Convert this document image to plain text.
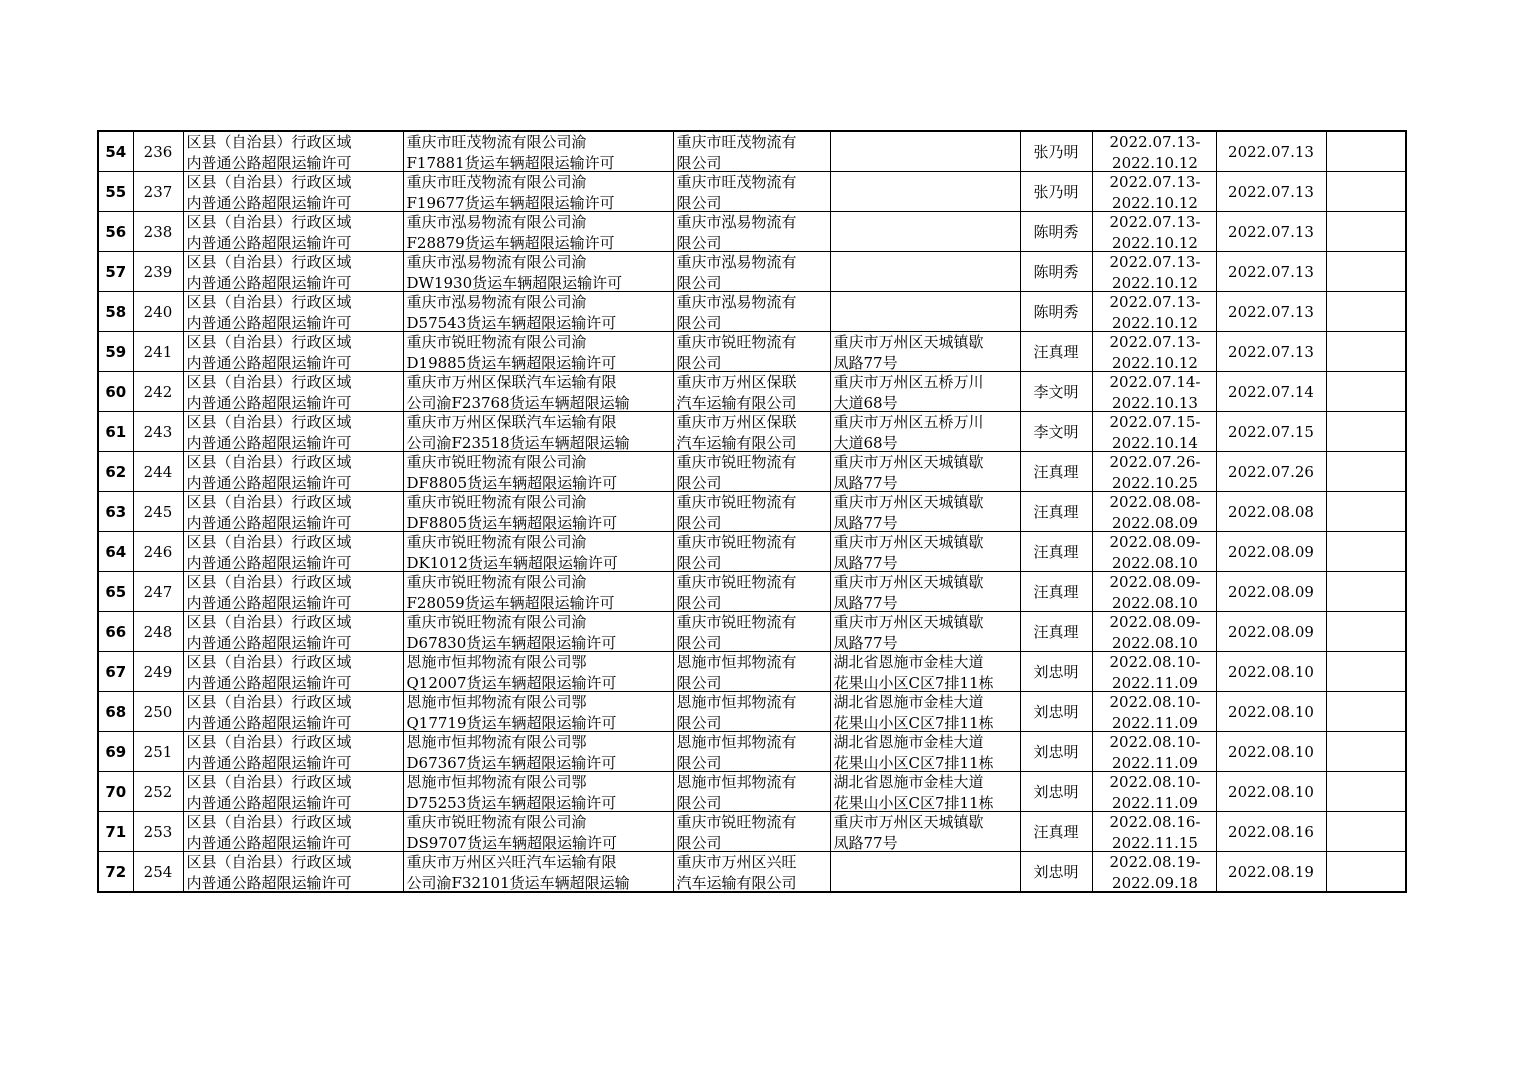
54	236	区县（自治县）行政区域
内普通公路超限运输许可	重庆市旺茂物流有限公司渝
F17881货运车辆超限运输许可	重庆市旺茂物流有
限公司		张乃明	2022.07.13-
2022.10.12	2022.07.13	
55	237	区县（自治县）行政区域
内普通公路超限运输许可	重庆市旺茂物流有限公司渝
F19677货运车辆超限运输许可	重庆市旺茂物流有
限公司		张乃明	2022.07.13-
2022.10.12	2022.07.13	
56	238	区县（自治县）行政区域
内普通公路超限运输许可	重庆市泓易物流有限公司渝
F28879货运车辆超限运输许可	重庆市泓易物流有
限公司		陈明秀	2022.07.13-
2022.10.12	2022.07.13	
57	239	区县（自治县）行政区域
内普通公路超限运输许可	重庆市泓易物流有限公司渝
DW1930货运车辆超限运输许可	重庆市泓易物流有
限公司		陈明秀	2022.07.13-
2022.10.12	2022.07.13	
58	240	区县（自治县）行政区域
内普通公路超限运输许可	重庆市泓易物流有限公司渝
D57543货运车辆超限运输许可	重庆市泓易物流有
限公司		陈明秀	2022.07.13-
2022.10.12	2022.07.13	
59	241	区县（自治县）行政区域
内普通公路超限运输许可	重庆市锐旺物流有限公司渝
D19885货运车辆超限运输许可	重庆市锐旺物流有
限公司	重庆市万州区天城镇歇
凤路77号	汪真理	2022.07.13-
2022.10.12	2022.07.13	
60	242	区县（自治县）行政区域
内普通公路超限运输许可	重庆市万州区保联汽车运输有限
公司渝F23768货运车辆超限运输	重庆市万州区保联
汽车运输有限公司	重庆市万州区五桥万川
大道68号	李文明	2022.07.14-
2022.10.13	2022.07.14	
61	243	区县（自治县）行政区域
内普通公路超限运输许可	重庆市万州区保联汽车运输有限
公司渝F23518货运车辆超限运输	重庆市万州区保联
汽车运输有限公司	重庆市万州区五桥万川
大道68号	李文明	2022.07.15-
2022.10.14	2022.07.15	
62	244	区县（自治县）行政区域
内普通公路超限运输许可	重庆市锐旺物流有限公司渝
DF8805货运车辆超限运输许可	重庆市锐旺物流有
限公司	重庆市万州区天城镇歇
凤路77号	汪真理	2022.07.26-
2022.10.25	2022.07.26	
63	245	区县（自治县）行政区域
内普通公路超限运输许可	重庆市锐旺物流有限公司渝
DF8805货运车辆超限运输许可	重庆市锐旺物流有
限公司	重庆市万州区天城镇歇
凤路77号	汪真理	2022.08.08-
2022.08.09	2022.08.08	
64	246	区县（自治县）行政区域
内普通公路超限运输许可	重庆市锐旺物流有限公司渝
DK1012货运车辆超限运输许可	重庆市锐旺物流有
限公司	重庆市万州区天城镇歇
凤路77号	汪真理	2022.08.09-
2022.08.10	2022.08.09	
65	247	区县（自治县）行政区域
内普通公路超限运输许可	重庆市锐旺物流有限公司渝
F28059货运车辆超限运输许可	重庆市锐旺物流有
限公司	重庆市万州区天城镇歇
凤路77号	汪真理	2022.08.09-
2022.08.10	2022.08.09	
66	248	区县（自治县）行政区域
内普通公路超限运输许可	重庆市锐旺物流有限公司渝
D67830货运车辆超限运输许可	重庆市锐旺物流有
限公司	重庆市万州区天城镇歇
凤路77号	汪真理	2022.08.09-
2022.08.10	2022.08.09	
67	249	区县（自治县）行政区域
内普通公路超限运输许可	恩施市恒邦物流有限公司鄂
Q12007货运车辆超限运输许可	恩施市恒邦物流有
限公司	湖北省恩施市金桂大道
花果山小区C区7排11栋	刘忠明	2022.08.10-
2022.11.09	2022.08.10	
68	250	区县（自治县）行政区域
内普通公路超限运输许可	恩施市恒邦物流有限公司鄂
Q17719货运车辆超限运输许可	恩施市恒邦物流有
限公司	湖北省恩施市金桂大道
花果山小区C区7排11栋	刘忠明	2022.08.10-
2022.11.09	2022.08.10	
69	251	区县（自治县）行政区域
内普通公路超限运输许可	恩施市恒邦物流有限公司鄂
D67367货运车辆超限运输许可	恩施市恒邦物流有
限公司	湖北省恩施市金桂大道
花果山小区C区7排11栋	刘忠明	2022.08.10-
2022.11.09	2022.08.10	
70	252	区县（自治县）行政区域
内普通公路超限运输许可	恩施市恒邦物流有限公司鄂
D75253货运车辆超限运输许可	恩施市恒邦物流有
限公司	湖北省恩施市金桂大道
花果山小区C区7排11栋	刘忠明	2022.08.10-
2022.11.09	2022.08.10	
71	253	区县（自治县）行政区域
内普通公路超限运输许可	重庆市锐旺物流有限公司渝
DS9707货运车辆超限运输许可	重庆市锐旺物流有
限公司	重庆市万州区天城镇歇
凤路77号	汪真理	2022.08.16-
2022.11.15	2022.08.16	
72	254	区县（自治县）行政区域
内普通公路超限运输许可	重庆市万州区兴旺汽车运输有限
公司渝F32101货运车辆超限运输	重庆市万州区兴旺
汽车运输有限公司		刘忠明	2022.08.19-
2022.09.18	2022.08.19	
